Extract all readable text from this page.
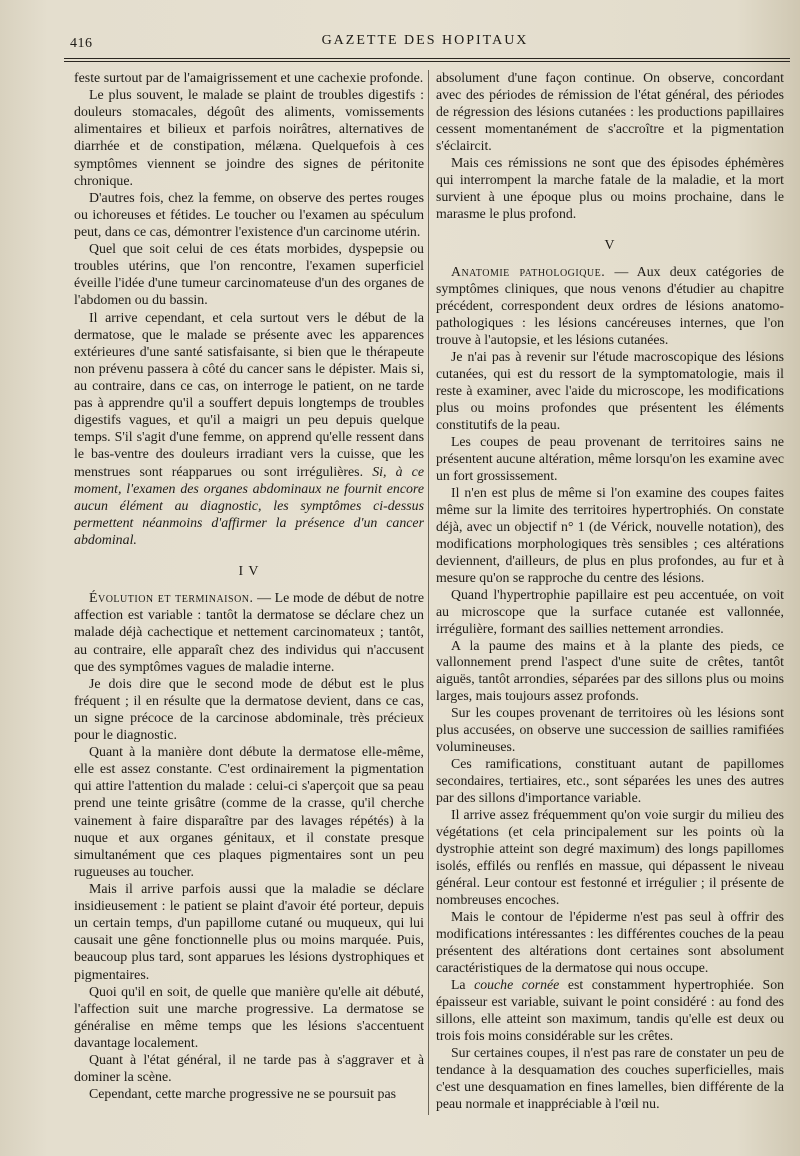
416	GAZETTE DES HOPITAUX

feste surtout par de l'amaigrissement et une cachexie profonde.

Le plus souvent, le malade se plaint de troubles digestifs : douleurs stomacales, dégoût des aliments, vomissements alimentaires et bilieux et parfois noirâtres, alternatives de diarrhée et de constipation, mélæna. Quelquefois à ces symptômes viennent se joindre des signes de péritonite chronique.

D'autres fois, chez la femme, on observe des pertes rouges ou ichoreuses et fétides. Le toucher ou l'examen au spéculum peut, dans ce cas, démontrer l'existence d'un carcinome utérin.

Quel que soit celui de ces états morbides, dyspepsie ou troubles utérins, que l'on rencontre, l'examen superficiel éveille l'idée d'une tumeur carcinomateuse d'un des organes de l'abdomen ou du bassin.

Il arrive cependant, et cela surtout vers le début de la dermatose, que le malade se présente avec les apparences extérieures d'une santé satisfaisante, si bien que le thérapeute non prévenu passera à côté du cancer sans le dépister. Mais si, au contraire, dans ce cas, on interroge le patient, on ne tarde pas à apprendre qu'il a souffert depuis longtemps de troubles digestifs vagues, et qu'il a maigri un peu depuis quelque temps. S'il s'agit d'une femme, on apprend qu'elle ressent dans le bas-ventre des douleurs irradiant vers la cuisse, que les menstrues sont réapparues ou sont irrégulières. Si, à ce moment, l'examen des organes abdominaux ne fournit encore aucun élément au diagnostic, les symptômes ci-dessus permettent néanmoins d'affirmer la présence d'un cancer abdominal.

I V

Évolution et terminaison. — Le mode de début de notre affection est variable : tantôt la dermatose se déclare chez un malade déjà cachectique et nettement carcinomateux ; tantôt, au contraire, elle apparaît chez des individus qui n'accusent que des symptômes vagues de maladie interne.

Je dois dire que le second mode de début est le plus fréquent ; il en résulte que la dermatose devient, dans ce cas, un signe précoce de la carcinose abdominale, très précieux pour le diagnostic.

Quant à la manière dont débute la dermatose elle-même, elle est assez constante. C'est ordinairement la pigmentation qui attire l'attention du malade : celui-ci s'aperçoit que sa peau prend une teinte grisâtre (comme de la crasse, qu'il cherche vainement à faire disparaître par des lavages répétés) à la nuque et aux organes génitaux, et il constate presque simultanément que ces plaques pigmentaires sont un peu rugueuses au toucher.

Mais il arrive parfois aussi que la maladie se déclare insidieusement : le patient se plaint d'avoir été porteur, depuis un certain temps, d'un papillome cutané ou muqueux, qui lui causait une gêne fonctionnelle plus ou moins marquée. Puis, beaucoup plus tard, sont apparues les lésions dystrophiques et pigmentaires.

Quoi qu'il en soit, de quelle que manière qu'elle ait débuté, l'affection suit une marche progressive. La dermatose se généralise en même temps que les lésions s'accentuent davantage localement.

Quant à l'état général, il ne tarde pas à s'aggraver et à dominer la scène.

Cependant, cette marche progressive ne se poursuit pas

absolument d'une façon continue. On observe, concordant avec des périodes de rémission de l'état général, des périodes de régression des lésions cutanées : les productions papillaires cessent momentanément de s'accroître et la pigmentation s'éclaircit.

Mais ces rémissions ne sont que des épisodes éphémères qui interrompent la marche fatale de la maladie, et la mort survient à une époque plus ou moins prochaine, dans le marasme le plus profond.

V

Anatomie pathologique. — Aux deux catégories de symptômes cliniques, que nous venons d'étudier au chapitre précédent, correspondent deux ordres de lésions anatomo-pathologiques : les lésions cancéreuses internes, que l'on trouve à l'autopsie, et les lésions cutanées.

Je n'ai pas à revenir sur l'étude macroscopique des lésions cutanées, qui est du ressort de la symptomatologie, mais il reste à examiner, avec l'aide du microscope, les modifications plus ou moins profondes que présentent les éléments constitutifs de la peau.

Les coupes de peau provenant de territoires sains ne présentent aucune altération, même lorsqu'on les examine avec un fort grossissement.

Il n'en est plus de même si l'on examine des coupes faites même sur la limite des territoires hypertrophiés. On constate déjà, avec un objectif n° 1 (de Vérick, nouvelle notation), des modifications morphologiques très sensibles ; ces altérations deviennent, d'ailleurs, de plus en plus profondes, au fur et à mesure qu'on se rapproche du centre des lésions.

Quand l'hypertrophie papillaire est peu accentuée, on voit au microscope que la surface cutanée est vallonnée, irrégulière, formant des saillies nettement arrondies.

A la paume des mains et à la plante des pieds, ce vallonnement prend l'aspect d'une suite de crêtes, tantôt aiguës, tantôt arrondies, séparées par des sillons plus ou moins larges, mais toujours assez profonds.

Sur les coupes provenant de territoires où les lésions sont plus accusées, on observe une succession de saillies ramifiées volumineuses.

Ces ramifications, constituant autant de papillomes secondaires, tertiaires, etc., sont séparées les unes des autres par des sillons d'importance variable.

Il arrive assez fréquemment qu'on voie surgir du milieu des végétations (et cela principalement sur les points où la dystrophie atteint son degré maximum) des longs papillomes isolés, effilés ou renflés en massue, qui dépassent le niveau général. Leur contour est festonné et irrégulier ; il présente de nombreuses encoches.

Mais le contour de l'épiderme n'est pas seul à offrir des modifications intéressantes : les différentes couches de la peau présentent des altérations dont certaines sont absolument caractéristiques de la dermatose qui nous occupe.

La couche cornée est constamment hypertrophiée. Son épaisseur est variable, suivant le point considéré : au fond des sillons, elle atteint son maximum, tandis qu'elle est deux ou trois fois moins considérable sur les crêtes.

Sur certaines coupes, il n'est pas rare de constater un peu de tendance à la desquamation des couches superficielles, mais c'est une desquamation en fines lamelles, bien différente de la peau normale et inappréciable à l'œil nu.
